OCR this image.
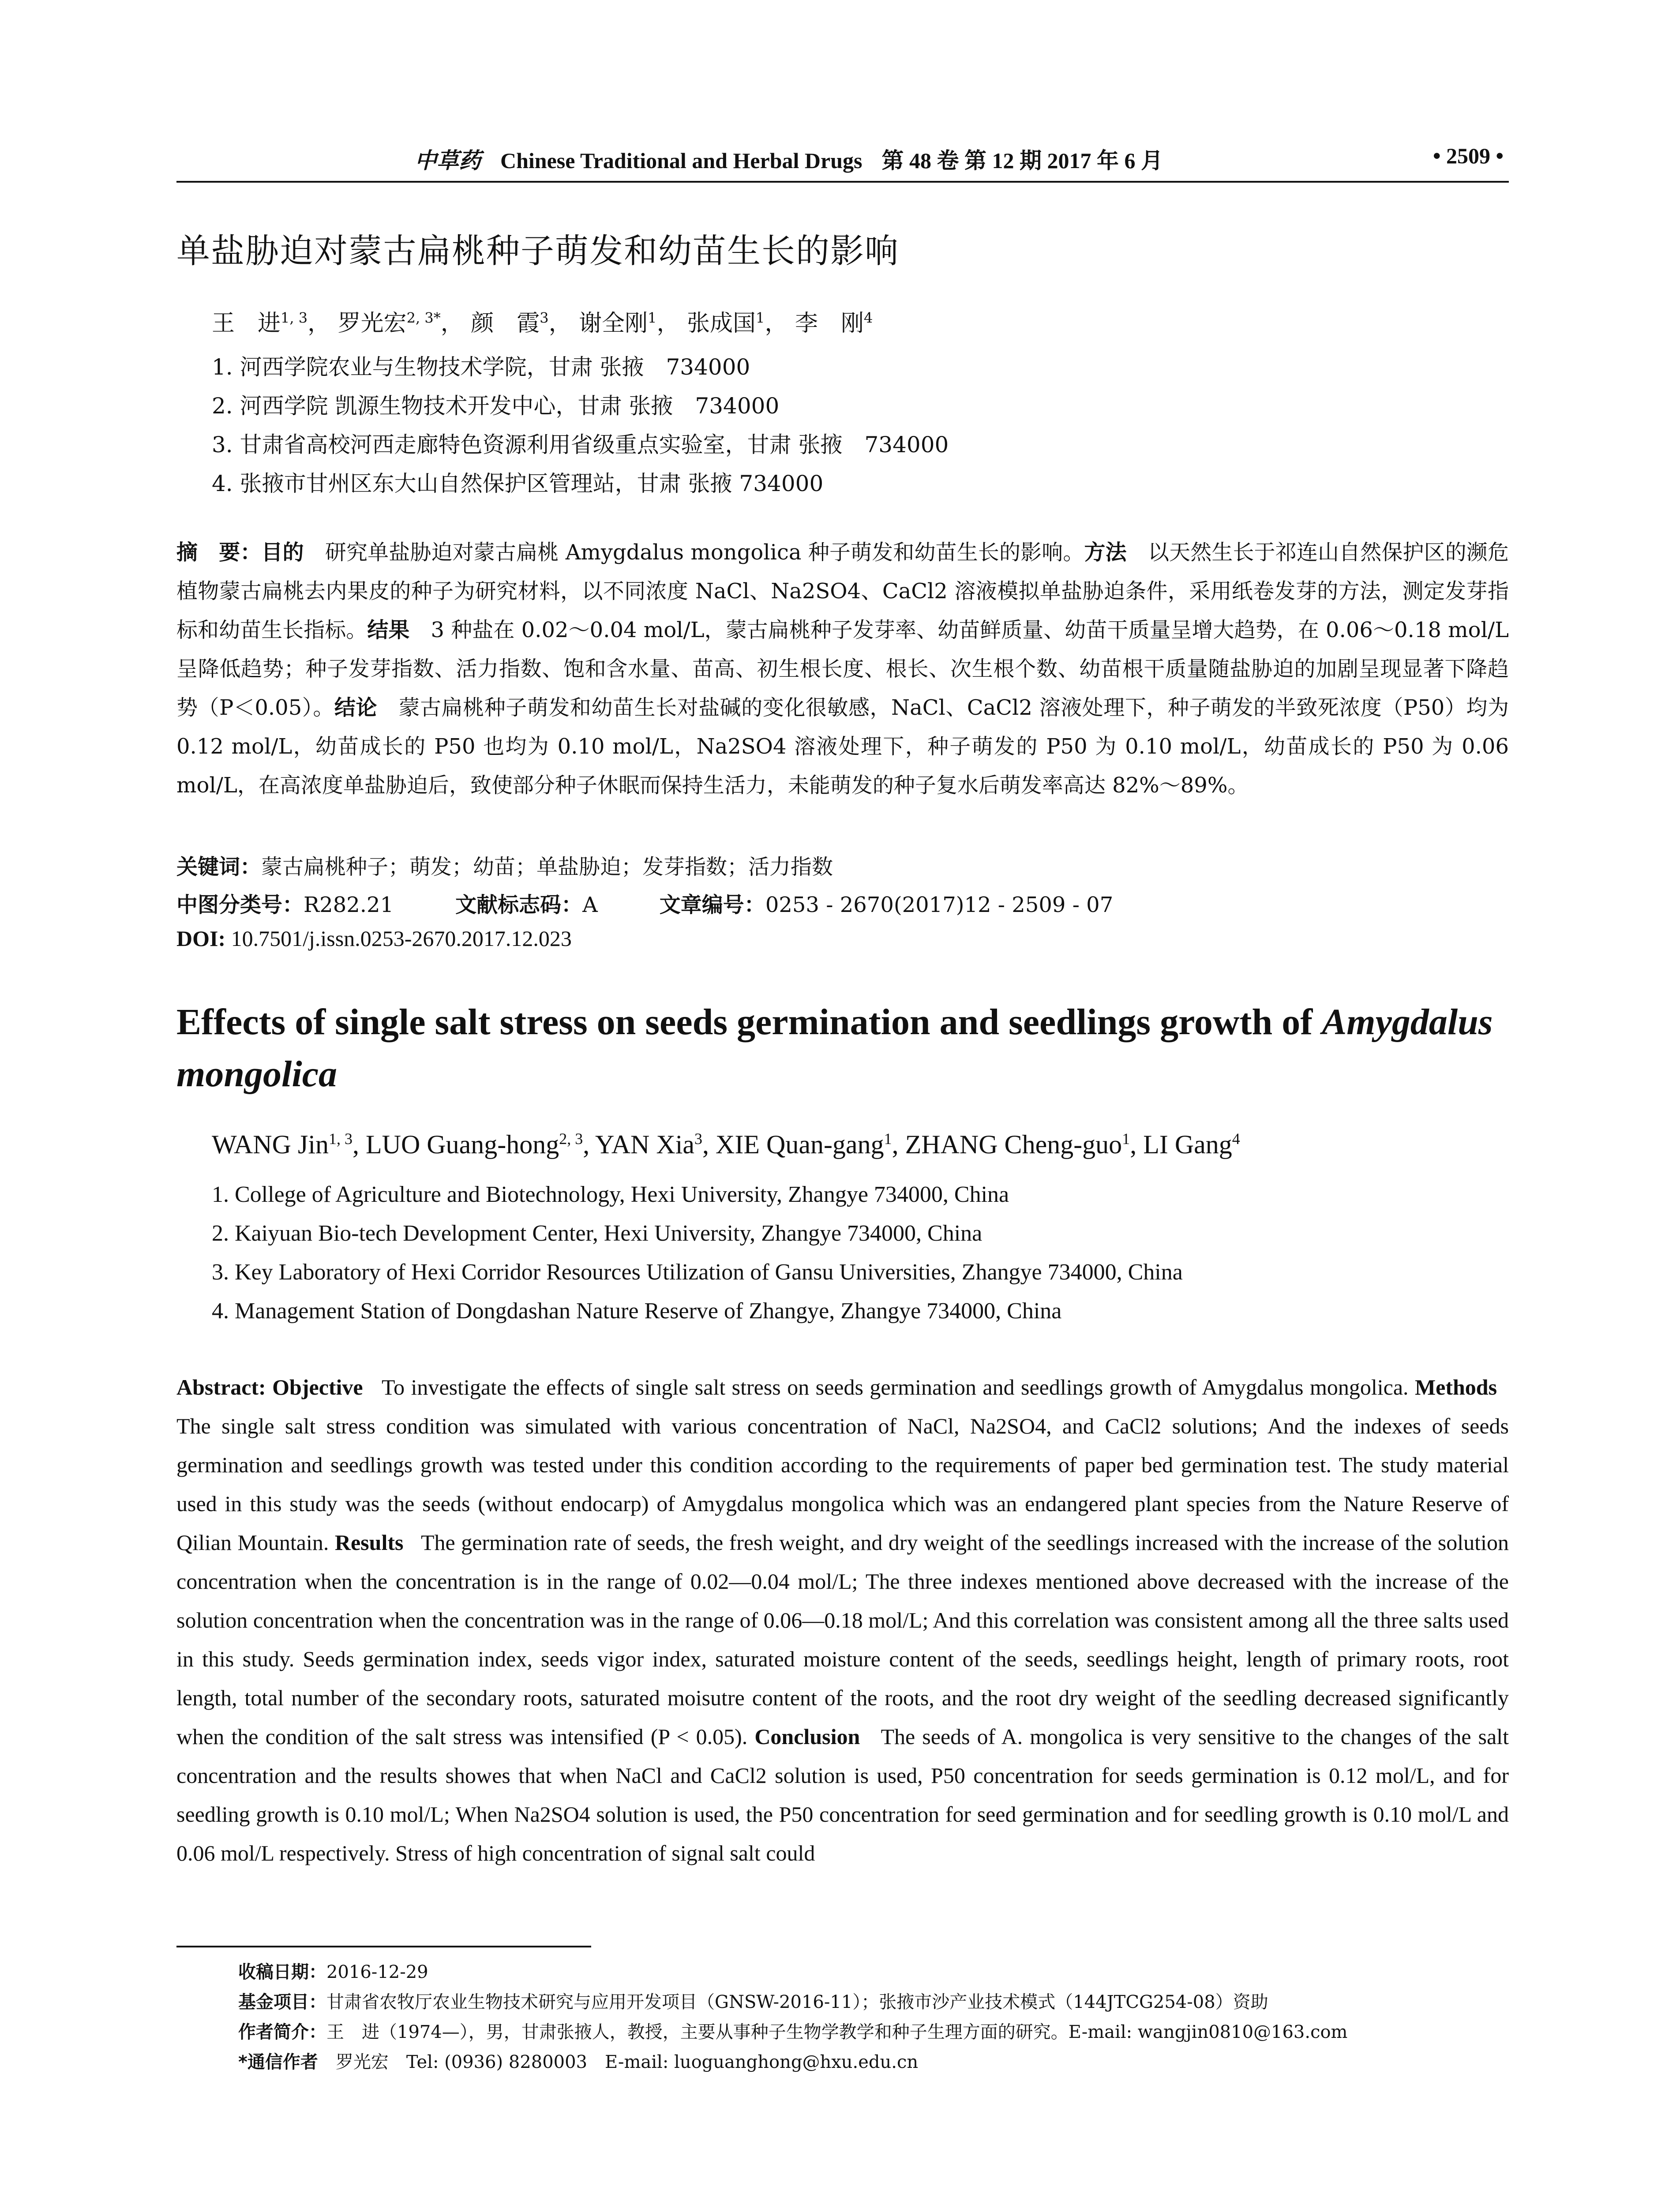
中草药 Chinese Traditional and Herbal Drugs 第 48 卷 第 12 期 2017 年 6 月	• 2509 •
单盐胁迫对蒙古扁桃种子萌发和幼苗生长的影响
王　进$^{1, 3}$， 罗光宏$^{2, 3*}$， 颜　霞$^3$， 谢全刚$^1$， 张成国$^1$， 李　刚$^4$
1. 河西学院农业与生物技术学院，甘肃 张掖　734000
2. 河西学院 凯源生物技术开发中心，甘肃 张掖　734000
3. 甘肃省高校河西走廊特色资源利用省级重点实验室，甘肃 张掖　734000
4. 张掖市甘州区东大山自然保护区管理站，甘肃 张掖 734000
摘　要：目的　 研究单盐胁迫对蒙古扁桃 Amygdalus mongolica 种子萌发和幼苗生长的影响。方法　 以天然生长于祁连山自然保护区的濒危植物蒙古扁桃去内果皮的种子为研究材料，以不同浓度 NaCl、Na2SO4、CaCl2 溶液模拟单盐胁迫条件，采用纸卷发芽的方法，测定发芽指标和幼苗生长指标。结果　 3 种盐在 0.02～0.04 mol/L，蒙古扁桃种子发芽率、幼苗鲜质量、幼苗干质量呈增大趋势，在 0.06～0.18 mol/L 呈降低趋势；种子发芽指数、活力指数、饱和含水量、苗高、初生根长度、根长、次生根个数、幼苗根干质量随盐胁迫的加剧呈现显著下降趋势（P＜0.05）。结论　 蒙古扁桃种子萌发和幼苗生长对盐碱的变化很敏感，NaCl、CaCl2 溶液处理下，种子萌发的半致死浓度（P50）均为 0.12 mol/L，幼苗成长的 P50 也均为 0.10 mol/L，Na2SO4 溶液处理下，种子萌发的 P50 为 0.10 mol/L，幼苗成长的 P50 为 0.06 mol/L，在高浓度单盐胁迫后，致使部分种子休眠而保持生活力，未能萌发的种子复水后萌发率高达 82%～89%。
关键词：蒙古扁桃种子；萌发；幼苗；单盐胁迫；发芽指数；活力指数
中图分类号：R282.21	文献标志码：A	文章编号：0253 - 2670(2017)12 - 2509 - 07
DOI: 10.7501/j.issn.0253-2670.2017.12.023
Effects of single salt stress on seeds germination and seedlings growth of Amygdalus mongolica
WANG Jin$^{1, 3}$, LUO Guang-hong$^{2, 3}$, YAN Xia$^3$, XIE Quan-gang$^1$, ZHANG Cheng-guo$^1$, LI Gang$^4$
1. College of Agriculture and Biotechnology, Hexi University, Zhangye 734000, China
2. Kaiyuan Bio-tech Development Center, Hexi University, Zhangye 734000, China
3. Key Laboratory of Hexi Corridor Resources Utilization of Gansu Universities, Zhangye 734000, China
4. Management Station of Dongdashan Nature Reserve of Zhangye, Zhangye 734000, China
Abstract: Objective To investigate the effects of single salt stress on seeds germination and seedlings growth of Amygdalus mongolica. Methods   The single salt stress condition was simulated with various concentration of NaCl, Na2SO4, and CaCl2 solutions; And the indexes of seeds germination and seedlings growth was tested under this condition according to the requirements of paper bed germination test. The study material used in this study was the seeds (without endocarp) of Amygdalus mongolica which was an endangered plant species from the Nature Reserve of Qilian Mountain. Results The germination rate of seeds, the fresh weight, and dry weight of the seedlings increased with the increase of the solution concentration when the concentration is in the range of 0.02—0.04 mol/L; The three indexes mentioned above decreased with the increase of the solution concentration when the concentration was in the range of 0.06—0.18 mol/L; And this correlation was consistent among all the three salts used in this study. Seeds germination index, seeds vigor index, saturated moisture content of the seeds, seedlings height, length of primary roots, root length, total number of the secondary roots, saturated moisutre content of the roots, and the root dry weight of the seedling decreased significantly when the condition of the salt stress was intensified (P < 0.05). Conclusion The seeds of A. mongolica is very sensitive to the changes of the salt concentration and the results showes that when NaCl and CaCl2 solution is used, P50 concentration for seeds germination is 0.12 mol/L, and for seedling growth is 0.10 mol/L; When Na2SO4 solution is used, the P50 concentration for seed germination and for seedling growth is 0.10 mol/L and 0.06 mol/L respectively. Stress of high concentration of signal salt could
收稿日期：2016-12-29
基金项目：甘肃省农牧厅农业生物技术研究与应用开发项目（GNSW-2016-11）；张掖市沙产业技术模式（144JTCG254-08）资助
作者简介：王　进（1974—），男，甘肃张掖人，教授，主要从事种子生物学教学和种子生理方面的研究。E-mail: wangjin0810@163.com
*通信作者　 罗光宏　Tel: (0936) 8280003　E-mail: luoguanghong@hxu.edu.cn
